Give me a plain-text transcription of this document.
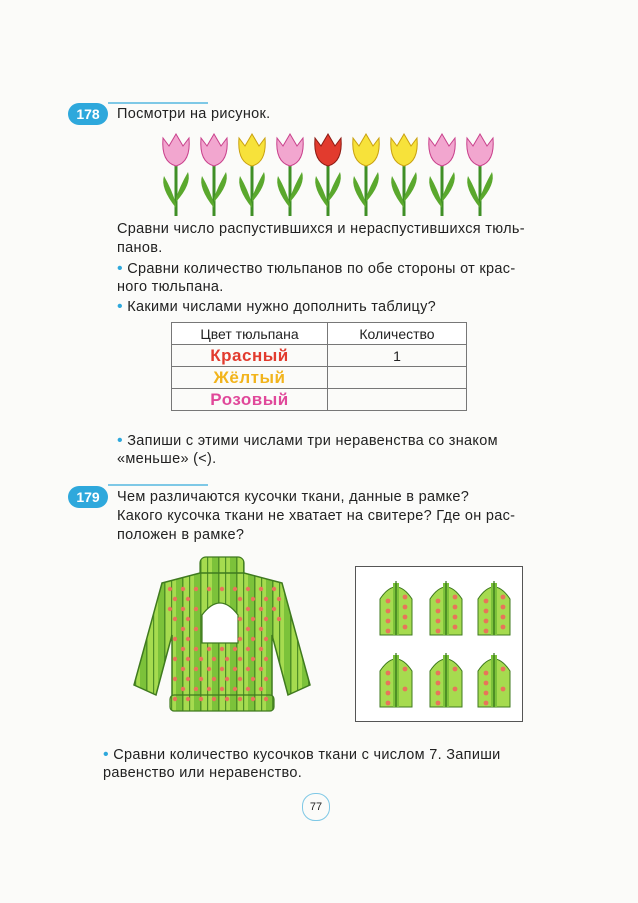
178	Посмотри на рисунок.
Сравни число распустившихся и нераспустившихся тюль-
панов.
• Сравни количество тюльпанов по обе стороны от крас-
ного тюльпана.
• Какими числами нужно дополнить таблицу?
Цвет тюльпана	Количество
Красный	1
Жёлтый	
Розовый	
• Запиши с этими числами три неравенства со знаком
«меньше» (<).
179	Чем различаются кусочки ткани, данные в рамке?
Какого кусочка ткани не хватает на свитере? Где он рас-
положен в рамке?
• Сравни количество кусочков ткани с числом 7. Запиши
равенство или неравенство.
77
